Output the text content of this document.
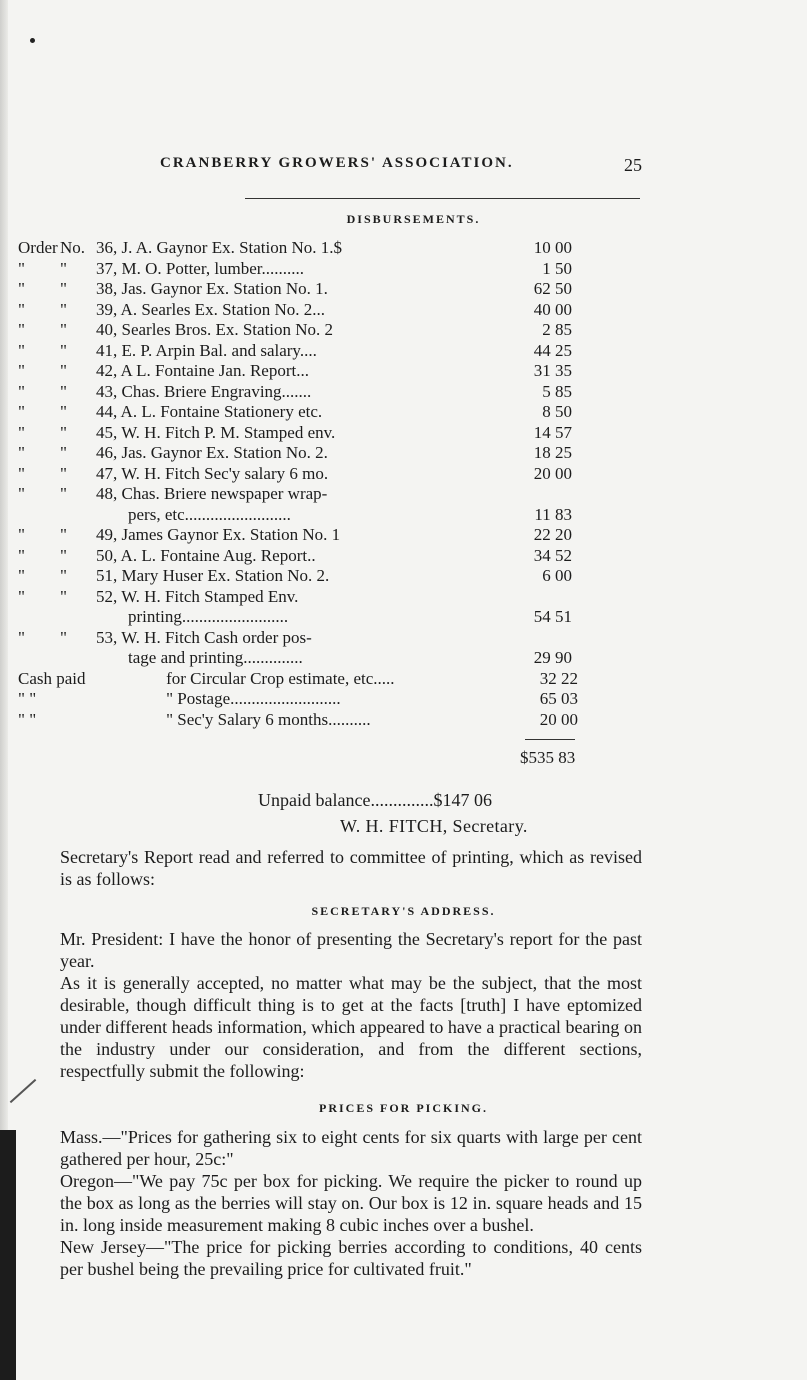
CRANBERRY GROWERS' ASSOCIATION.	25
DISBURSEMENTS.
Order No. 36, J. A. Gaynor Ex. Station No. 1.$	10 00
"	"	37, M. O. Potter, lumber..........	1 50
"	"	38, Jas. Gaynor Ex. Station No. 1.	62 50
"	"	39, A. Searles Ex. Station No. 2...	40 00
"	"	40, Searles Bros. Ex. Station No. 2	2 85
"	"	41, E. P. Arpin Bal. and salary....	44 25
"	"	42, A L. Fontaine Jan. Report...	31 35
"	"	43, Chas. Briere Engraving.......	5 85
"	"	44, A. L. Fontaine Stationery etc.	8 50
"	"	45, W. H. Fitch P. M. Stamped env.	14 57
"	"	46, Jas. Gaynor Ex. Station No. 2.	18 25
"	"	47, W. H. Fitch Sec'y salary 6 mo.	20 00
"	"	48, Chas. Briere newspaper wrap-
pers, etc.........................	11 83
"	"	49, James Gaynor Ex. Station No. 1	22 20
"	"	50, A. L. Fontaine Aug. Report..	34 52
"	"	51, Mary Huser Ex. Station No. 2.	6 00
"	"	52, W. H. Fitch Stamped Env.
printing.........................	54 51
"	"	53, W. H. Fitch Cash order pos-
tage and printing..............	29 90
Cash paid	for Circular Crop estimate, etc.....	32 22
" "	" Postage..........................	65 03
" "	" Sec'y Salary 6 months..........	20 00
$535 83
Unpaid balance..............$147 06
W. H. FITCH, Secretary.
Secretary's Report read and referred to committee of printing, which as revised is as follows:
SECRETARY'S ADDRESS.
Mr. President: I have the honor of presenting the Secretary's report for the past year.
As it is generally accepted, no matter what may be the subject, that the most desirable, though difficult thing is to get at the facts [truth] I have eptomized under different heads information, which appeared to have a practical bearing on the industry under our consideration, and from the different sections, respectfully submit the following:
PRICES FOR PICKING.
Mass.—"Prices for gathering six to eight cents for six quarts with large per cent gathered per hour, 25c:"
Oregon—"We pay 75c per box for picking. We require the picker to round up the box as long as the berries will stay on. Our box is 12 in. square heads and 15 in. long inside measurement making 8 cubic inches over a bushel.
New Jersey—"The price for picking berries according to conditions, 40 cents per bushel being the prevailing price for cultivated fruit."
